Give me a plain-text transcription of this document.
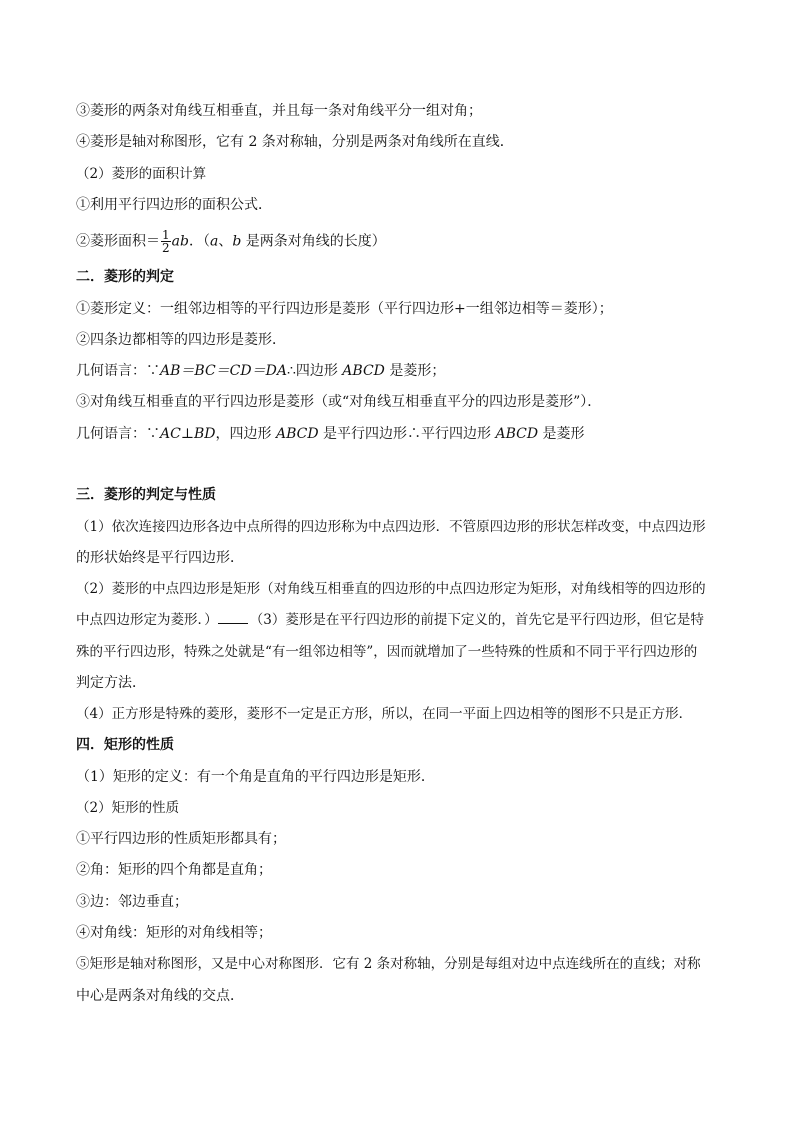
③菱形的两条对角线互相垂直，并且每一条对角线平分一组对角；
④菱形是轴对称图形，它有 2 条对称轴，分别是两条对角线所在直线．
（2）菱形的面积计算
①利用平行四边形的面积公式．
②菱形面积＝ $\frac{1}{2}$ ab．（a、b 是两条对角线的长度）
二．菱形的判定
①菱形定义：一组邻边相等的平行四边形是菱形（平行四边形+一组邻边相等＝菱形）；
②四条边都相等的四边形是菱形．
几何语言：∵AB＝BC＝CD＝DA∴四边形 ABCD 是菱形；
③对角线互相垂直的平行四边形是菱形（或“对角线互相垂直平分的四边形是菱形”）．
几何语言：∵AC⊥BD，四边形 ABCD 是平行四边形∴平行四边形 ABCD 是菱形
三．菱形的判定与性质
（1）依次连接四边形各边中点所得的四边形称为中点四边形．不管原四边形的形状怎样改变，中点四边形
的形状始终是平行四边形．
（2）菱形的中点四边形是矩形（对角线互相垂直的四边形的中点四边形定为矩形，对角线相等的四边形的
中点四边形定为菱形．） （3）菱形是在平行四边形的前提下定义的，首先它是平行四边形，但它是特
殊的平行四边形，特殊之处就是“有一组邻边相等”，因而就增加了一些特殊的性质和不同于平行四边形的
判定方法．
（4）正方形是特殊的菱形，菱形不一定是正方形，所以，在同一平面上四边相等的图形不只是正方形．
四．矩形的性质
（1）矩形的定义：有一个角是直角的平行四边形是矩形．
（2）矩形的性质
①平行四边形的性质矩形都具有；
②角：矩形的四个角都是直角；
③边：邻边垂直；
④对角线：矩形的对角线相等；
⑤矩形是轴对称图形，又是中心对称图形．它有 2 条对称轴，分别是每组对边中点连线所在的直线；对称
中心是两条对角线的交点．
